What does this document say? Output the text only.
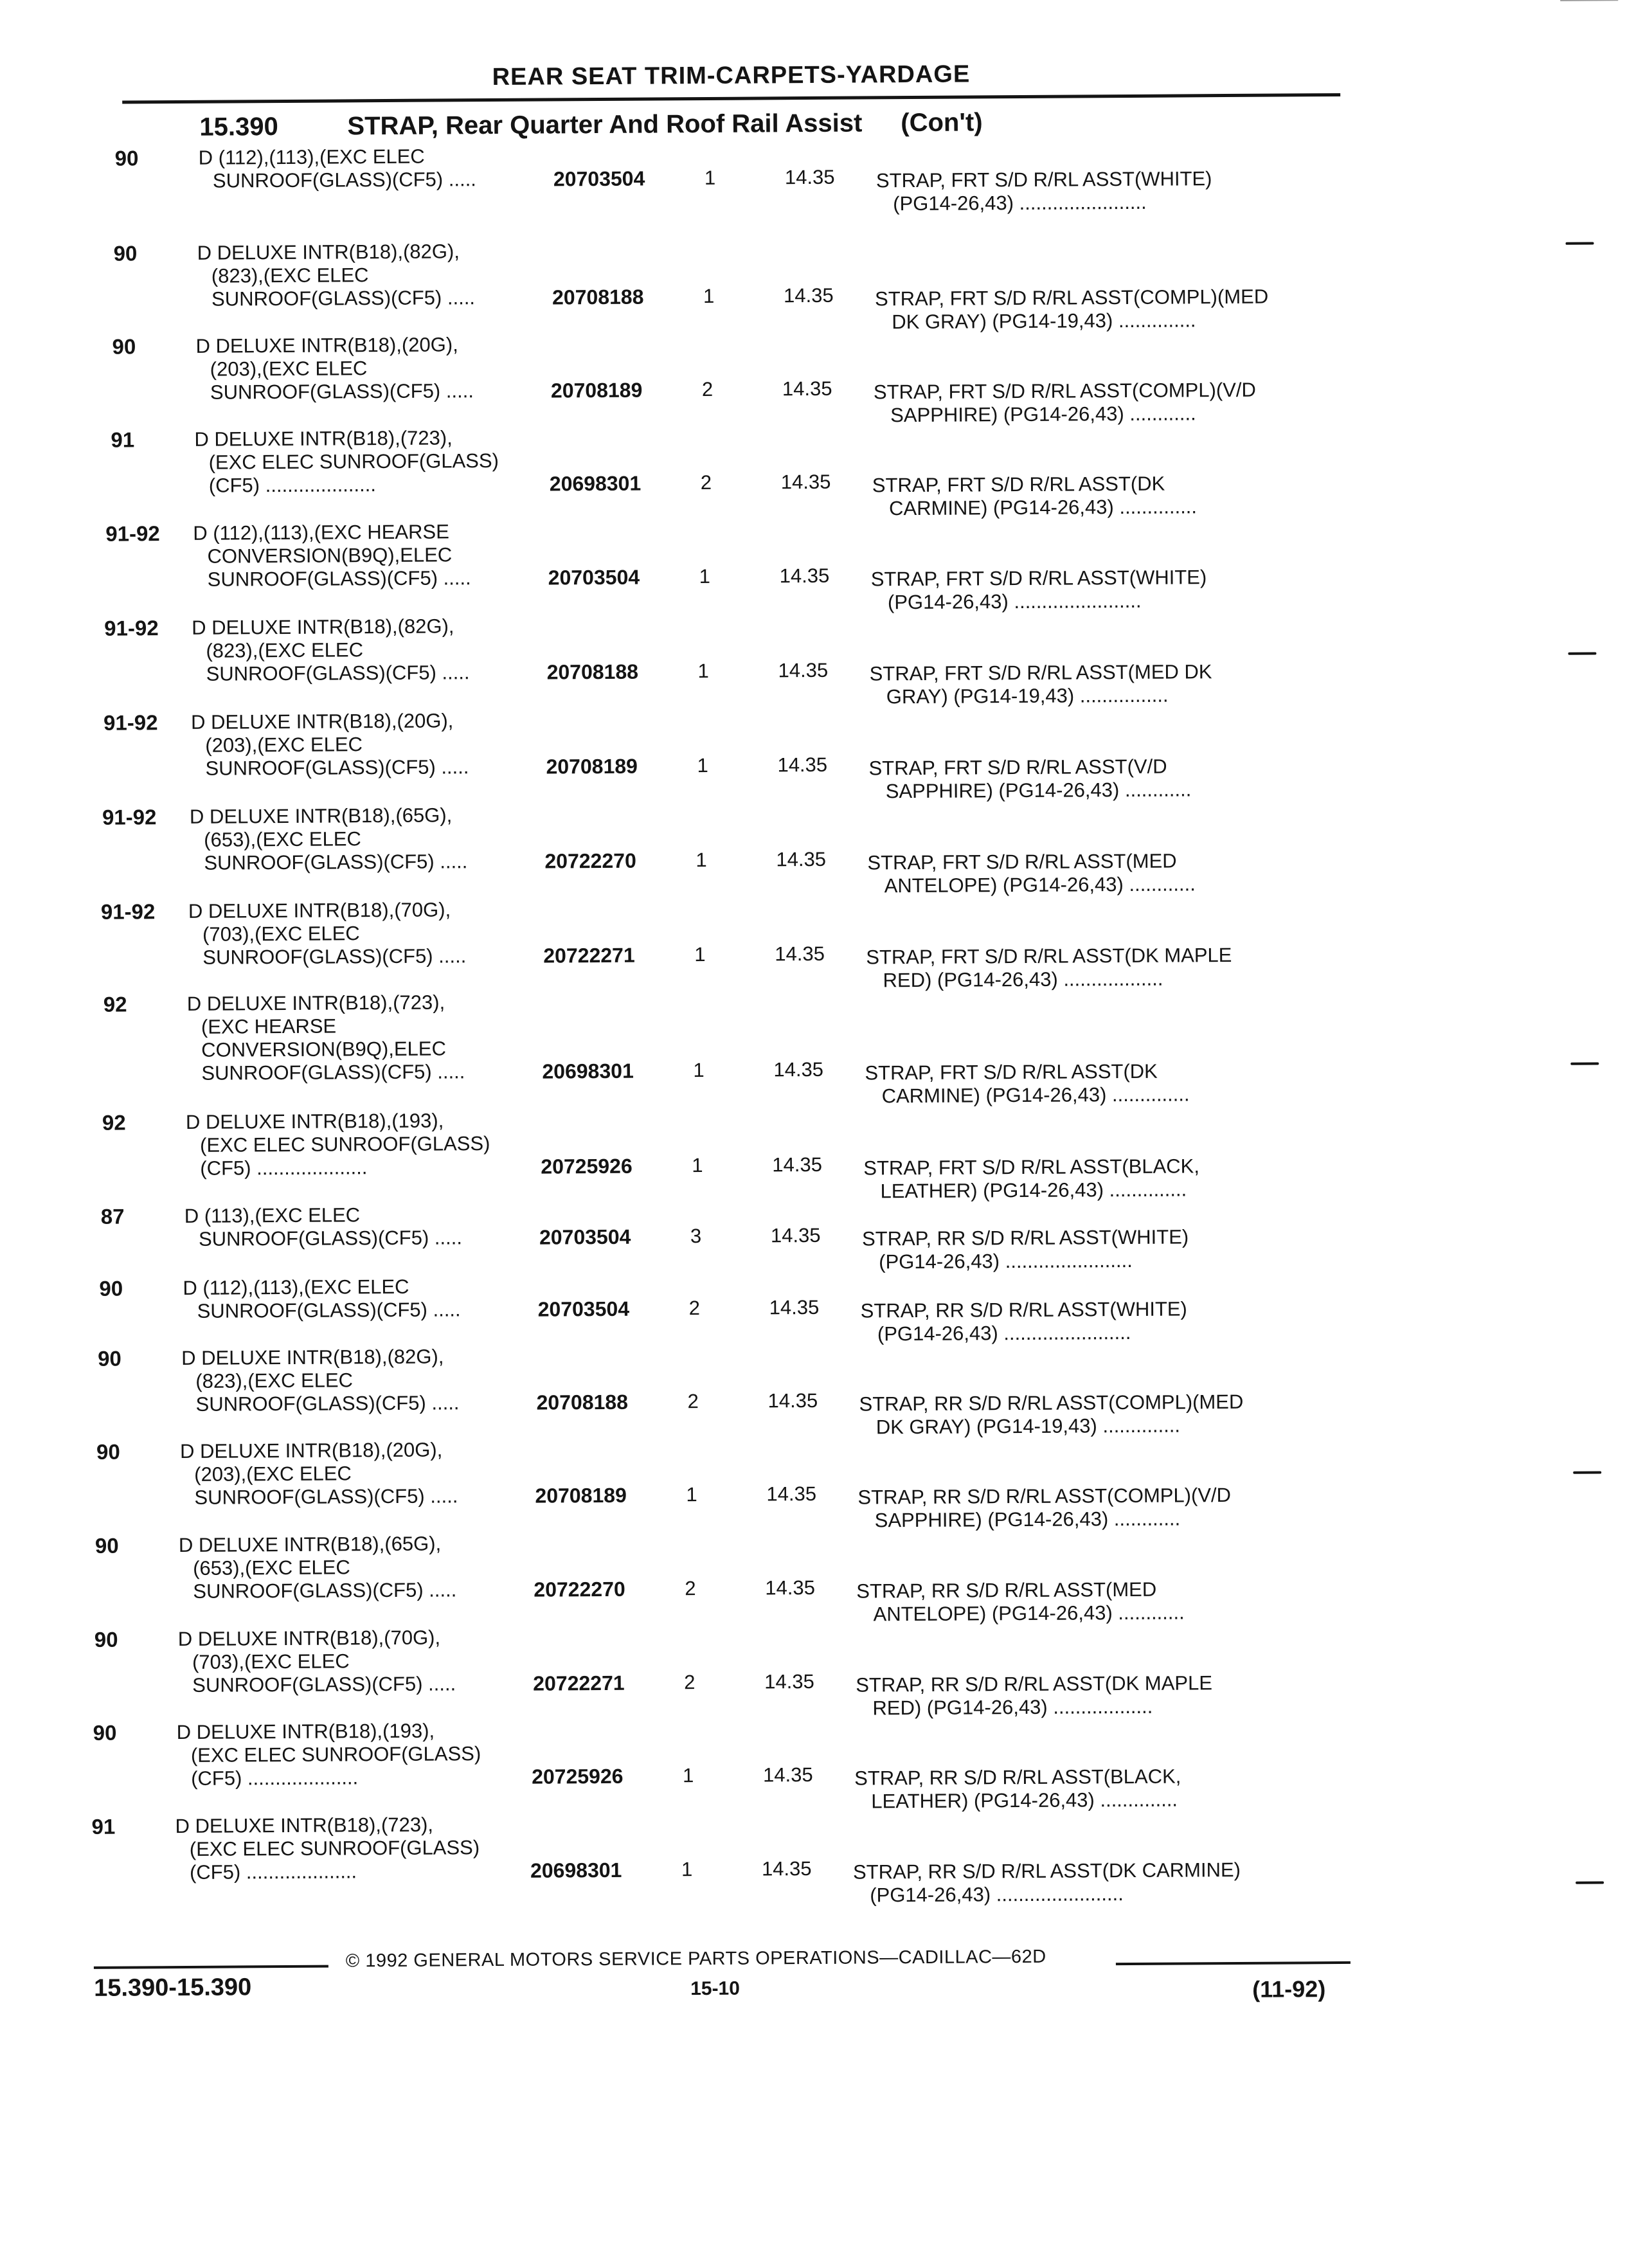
REAR SEAT TRIM-CARPETS-YARDAGE
15.390	STRAP, Rear Quarter And Roof Rail Assist (Con't)
90	D (112),(113),(EXC ELEC
SUNROOF(GLASS)(CF5) .....	20703504	1	14.35 STRAP, FRT S/D R/RL ASST(WHITE)
(PG14-26,43) .......................
90	D DELUXE INTR(B18),(82G),
(823),(EXC ELEC
SUNROOF(GLASS)(CF5) .....	20708188	1	14.35 STRAP, FRT S/D R/RL ASST(COMPL)(MED
DK GRAY) (PG14-19,43) ..............
90	D DELUXE INTR(B18),(20G),
(203),(EXC ELEC
SUNROOF(GLASS)(CF5) .....	20708189	2	14.35 STRAP, FRT S/D R/RL ASST(COMPL)(V/D
SAPPHIRE) (PG14-26,43) ............
91	D DELUXE INTR(B18),(723),
(EXC ELEC SUNROOF(GLASS)
(CF5) ....................	20698301	2	14.35 STRAP, FRT S/D R/RL ASST(DK
CARMINE) (PG14-26,43) ..............
91-92 D (112),(113),(EXC HEARSE
CONVERSION(B9Q),ELEC
SUNROOF(GLASS)(CF5) .....	20703504	1	14.35 STRAP, FRT S/D R/RL ASST(WHITE)
(PG14-26,43) .......................
91-92 D DELUXE INTR(B18),(82G),
(823),(EXC ELEC
SUNROOF(GLASS)(CF5) .....	20708188	1	14.35 STRAP, FRT S/D R/RL ASST(MED DK
GRAY) (PG14-19,43) ................
91-92 D DELUXE INTR(B18),(20G),
(203),(EXC ELEC
SUNROOF(GLASS)(CF5) .....	20708189	1	14.35 STRAP, FRT S/D R/RL ASST(V/D
SAPPHIRE) (PG14-26,43) ............
91-92 D DELUXE INTR(B18),(65G),
(653),(EXC ELEC
SUNROOF(GLASS)(CF5) .....	20722270	1	14.35 STRAP, FRT S/D R/RL ASST(MED
ANTELOPE) (PG14-26,43) ............
91-92 D DELUXE INTR(B18),(70G),
(703),(EXC ELEC
SUNROOF(GLASS)(CF5) .....	20722271	1	14.35 STRAP, FRT S/D R/RL ASST(DK MAPLE
RED) (PG14-26,43) ..................
92	D DELUXE INTR(B18),(723),
(EXC HEARSE
CONVERSION(B9Q),ELEC
SUNROOF(GLASS)(CF5) .....	20698301	1	14.35 STRAP, FRT S/D R/RL ASST(DK
CARMINE) (PG14-26,43) ..............
92	D DELUXE INTR(B18),(193),
(EXC ELEC SUNROOF(GLASS)
(CF5) ....................	20725926	1	14.35 STRAP, FRT S/D R/RL ASST(BLACK,
LEATHER) (PG14-26,43) ..............
87	D (113),(EXC ELEC
SUNROOF(GLASS)(CF5) .....	20703504	3	14.35 STRAP, RR S/D R/RL ASST(WHITE)
(PG14-26,43) .......................
90	D (112),(113),(EXC ELEC
SUNROOF(GLASS)(CF5) .....	20703504	2	14.35 STRAP, RR S/D R/RL ASST(WHITE)
(PG14-26,43) .......................
90	D DELUXE INTR(B18),(82G),
(823),(EXC ELEC
SUNROOF(GLASS)(CF5) .....	20708188	2	14.35 STRAP, RR S/D R/RL ASST(COMPL)(MED
DK GRAY) (PG14-19,43) ..............
90	D DELUXE INTR(B18),(20G),
(203),(EXC ELEC
SUNROOF(GLASS)(CF5) .....	20708189	1	14.35 STRAP, RR S/D R/RL ASST(COMPL)(V/D
SAPPHIRE) (PG14-26,43) ............
90	D DELUXE INTR(B18),(65G),
(653),(EXC ELEC
SUNROOF(GLASS)(CF5) .....	20722270	2	14.35 STRAP, RR S/D R/RL ASST(MED
ANTELOPE) (PG14-26,43) ............
90	D DELUXE INTR(B18),(70G),
(703),(EXC ELEC
SUNROOF(GLASS)(CF5) .....	20722271	2	14.35 STRAP, RR S/D R/RL ASST(DK MAPLE
RED) (PG14-26,43) ..................
90	D DELUXE INTR(B18),(193),
(EXC ELEC SUNROOF(GLASS)
(CF5) ....................	20725926	1	14.35 STRAP, RR S/D R/RL ASST(BLACK,
LEATHER) (PG14-26,43) ..............
91	D DELUXE INTR(B18),(723),
(EXC ELEC SUNROOF(GLASS)
(CF5) ....................	20698301	1	14.35 STRAP, RR S/D R/RL ASST(DK CARMINE)
(PG14-26,43) .......................
© 1992 GENERAL MOTORS SERVICE PARTS OPERATIONS—CADILLAC—62D
15.390-15.390	15-10	(11-92)
